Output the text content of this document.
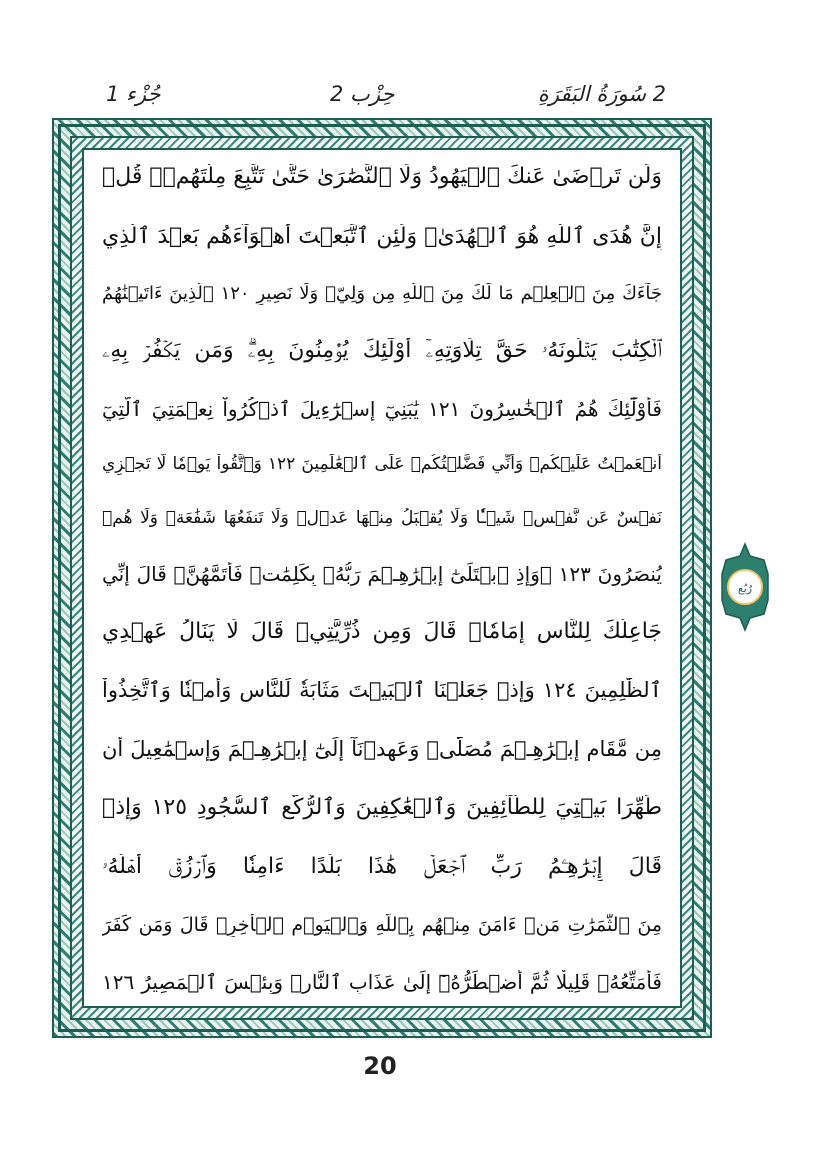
2 سُورَةُ البَقَرَةِ
حِزْب 2
جُزْء 1
وَلَن تَرۡضَىٰ عَنكَ ٱلۡيَهُودُ وَلَا ٱلنَّصَٰرَىٰ حَتَّىٰ تَتَّبِعَ مِلَّتَهُمۡۗ قُلۡ
إِنَّ هُدَى ٱللَّهِ هُوَ ٱلۡهُدَىٰۗ وَلَئِنِ ٱتَّبَعۡتَ أَهۡوَآءَهُم بَعۡدَ ٱلَّذِي
جَآءَكَ مِنَ ٱلۡعِلۡمِ مَا لَكَ مِنَ ٱللَّهِ مِن وَلِيّٖ وَلَا نَصِيرٍ ١٢٠ ٱلَّذِينَ ءَاتَيۡنَٰهُمُ
ٱلۡكِتَٰبَ يَتۡلُونَهُۥ حَقَّ تِلَاوَتِهِۦٓ أُوْلَٰٓئِكَ يُؤۡمِنُونَ بِهِۦۗ وَمَن يَكۡفُرۡ بِهِۦ
فَأُوْلَٰٓئِكَ هُمُ ٱلۡخَٰسِرُونَ ١٢١ يَٰبَنِيٓ إِسۡرَٰٓءِيلَ ٱذۡكُرُواْ نِعۡمَتِيَ ٱلَّتِيٓ
أَنۡعَمۡتُ عَلَيۡكُمۡ وَأَنِّي فَضَّلۡتُكُمۡ عَلَى ٱلۡعَٰلَمِينَ ١٢٢ وَٱتَّقُواْ يَوۡمٗا لَّا تَجۡزِي
نَفۡسٌ عَن نَّفۡسٖ شَيۡـٔٗا وَلَا يُقۡبَلُ مِنۡهَا عَدۡلٞ وَلَا تَنفَعُهَا شَفَٰعَةٞ وَلَا هُمۡ
يُنصَرُونَ ١٢٣ ۞وَإِذِ ٱبۡتَلَىٰٓ إِبۡرَٰهِـۧمَ رَبُّهُۥ بِكَلِمَٰتٖ فَأَتَمَّهُنَّۖ قَالَ إِنِّي
جَاعِلُكَ لِلنَّاسِ إِمَامٗاۖ قَالَ وَمِن ذُرِّيَّتِيۖ قَالَ لَا يَنَالُ عَهۡدِي
ٱلظَّٰلِمِينَ ١٢٤ وَإِذۡ جَعَلۡنَا ٱلۡبَيۡتَ مَثَابَةٗ لِّلنَّاسِ وَأَمۡنٗا وَٱتَّخِذُواْ
مِن مَّقَامِ إِبۡرَٰهِـۧمَ مُصَلّٗىۖ وَعَهِدۡنَآ إِلَىٰٓ إِبۡرَٰهِـۧمَ وَإِسۡمَٰعِيلَ أَن
طَهِّرَا بَيۡتِيَ لِلطَّآئِفِينَ وَٱلۡعَٰكِفِينَ وَٱلرُّكَّعِ ٱلسُّجُودِ ١٢٥ وَإِذۡ
قَالَ إِبۡرَٰهِـۧمُ رَبِّ ٱجۡعَلۡ هَٰذَا بَلَدًا ءَامِنٗا وَٱرۡزُقۡ أَهۡلَهُۥ
مِنَ ٱلثَّمَرَٰتِ مَنۡ ءَامَنَ مِنۡهُم بِٱللَّهِ وَٱلۡيَوۡمِ ٱلۡأٓخِرِۖ قَالَ وَمَن كَفَرَ
فَأُمَتِّعُهُۥ قَلِيلٗا ثُمَّ أَضۡطَرُّهُۥٓ إِلَىٰ عَذَابِ ٱلنَّارِۖ وَبِئۡسَ ٱلۡمَصِيرُ ١٢٦
رُبُع
20
